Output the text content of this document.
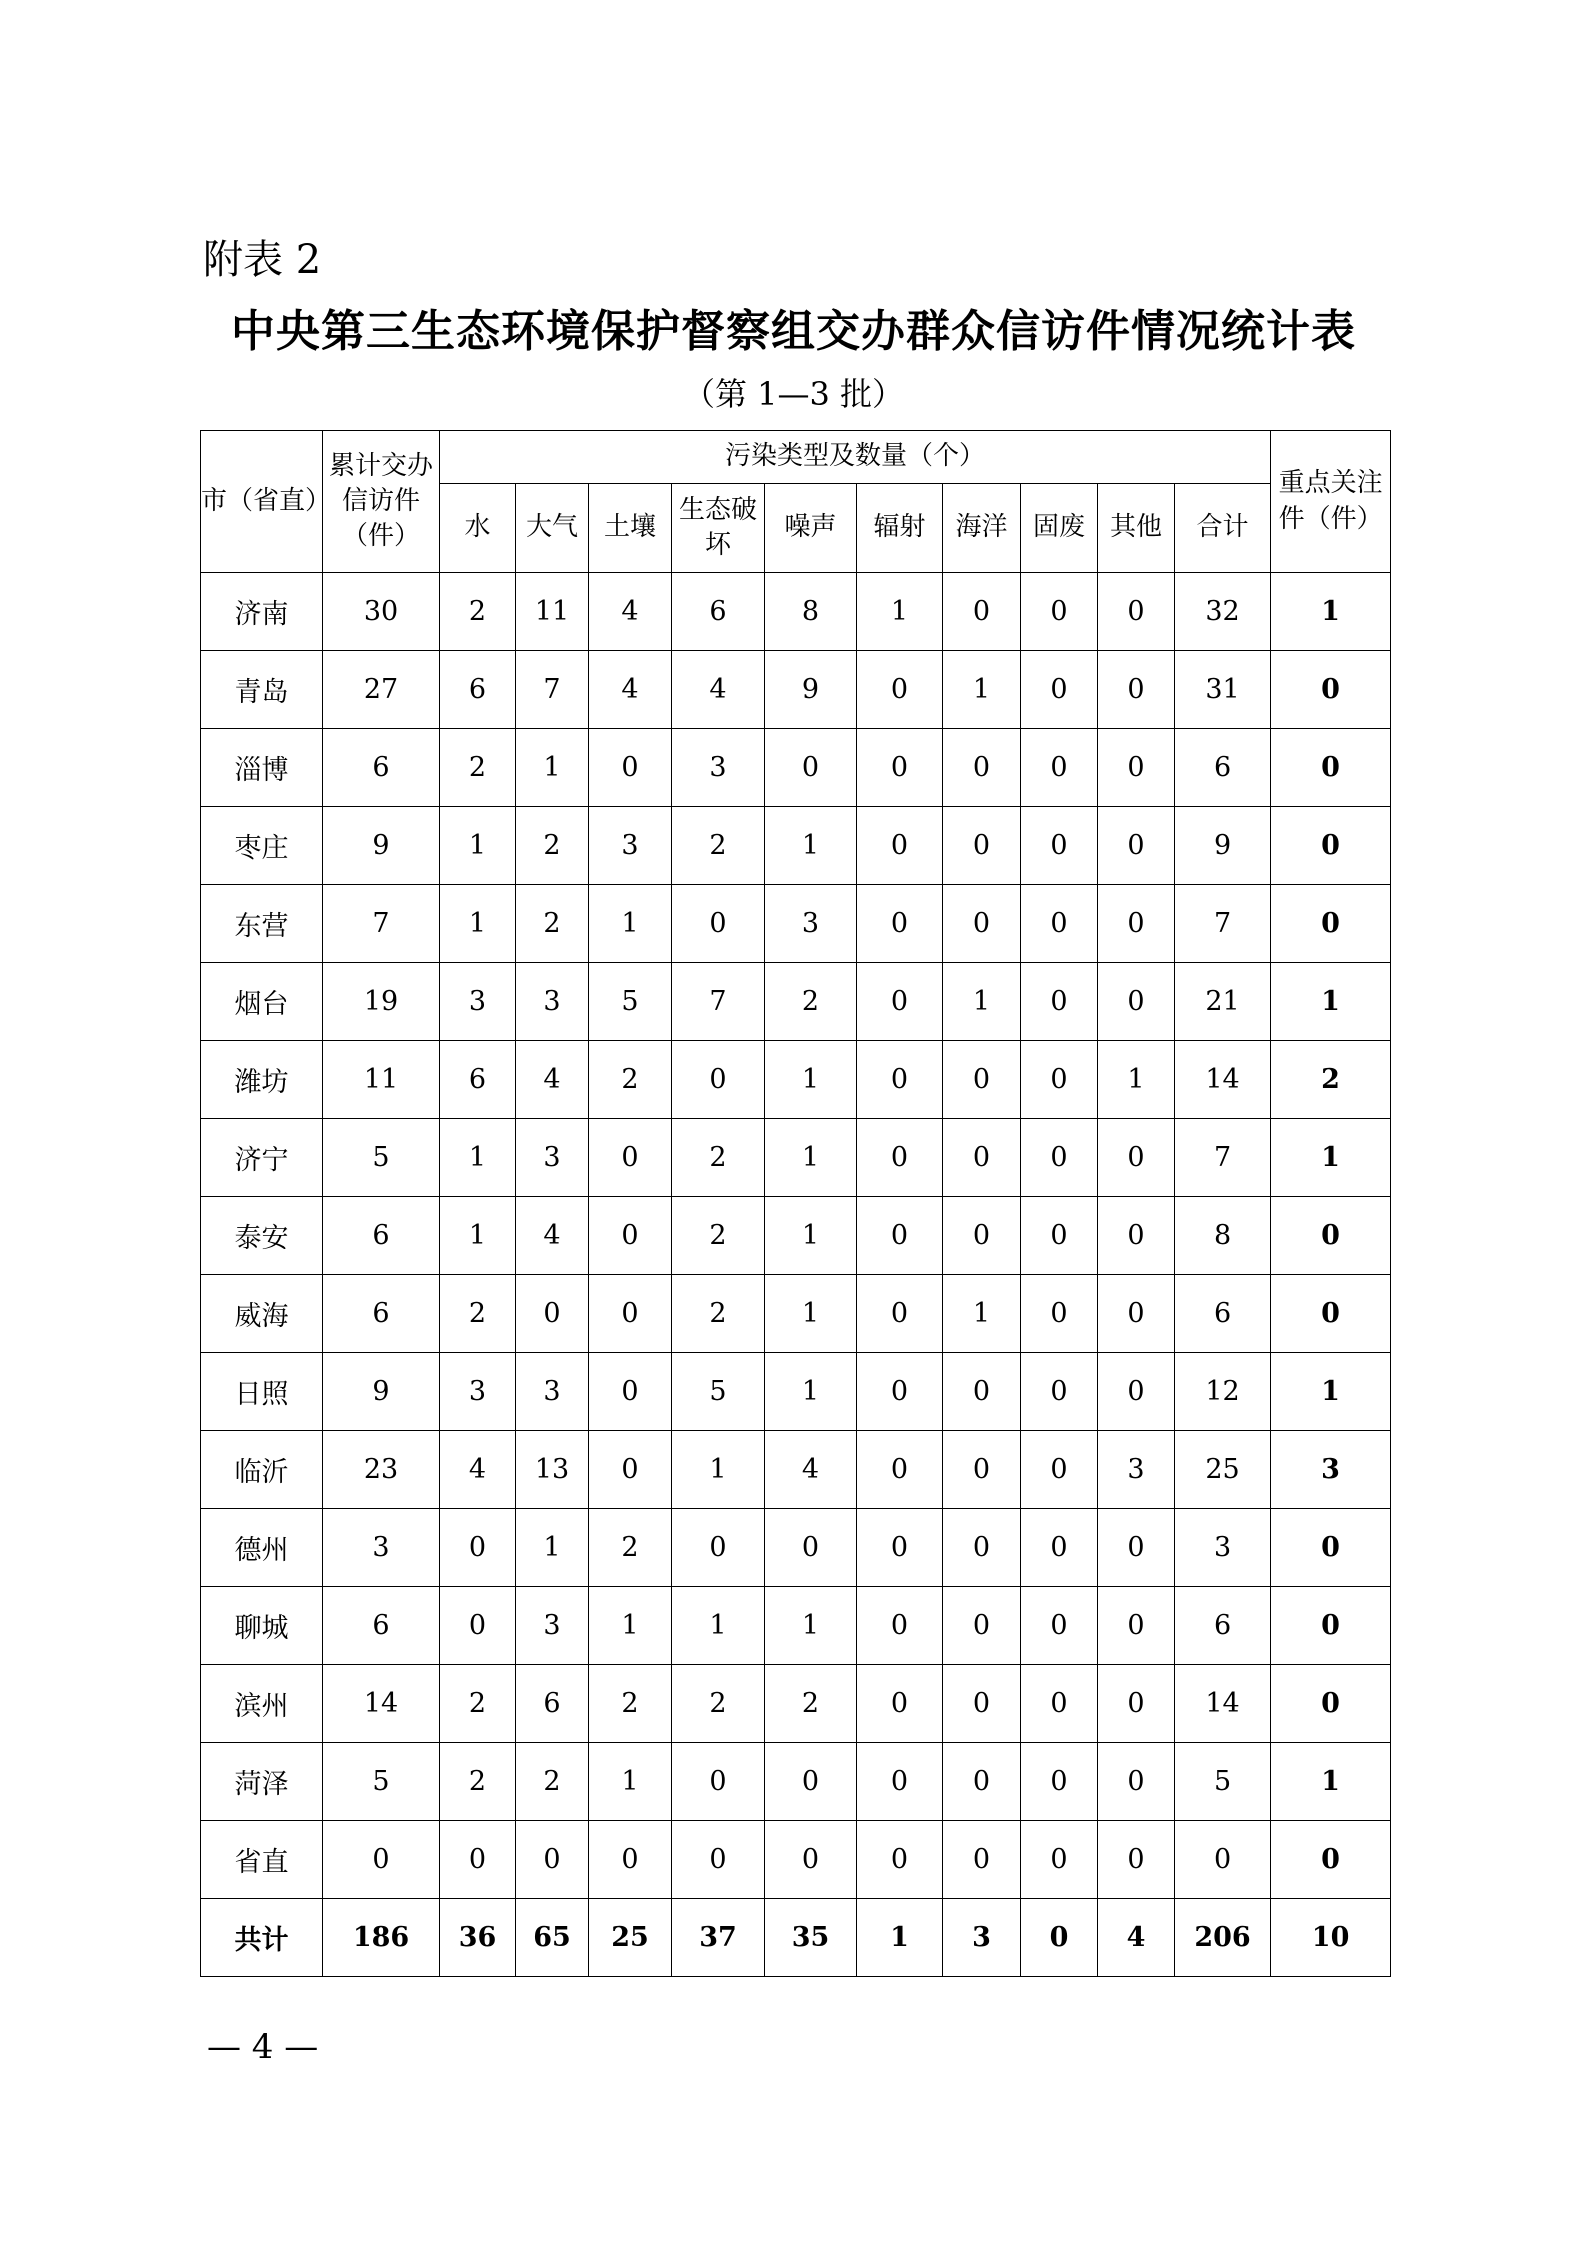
附表 2
中央第三生态环境保护督察组交办群众信访件情况统计表
（第 1—3 批）
市（省直）	累计交办信访件（件）	污染类型及数量（个）										重点关注件（件）
		水	大气	土壤	生态破坏	噪声	辐射	海洋	固废	其他	合计	
济南	30	2	11	4	6	8	1	0	0	0	32	1
青岛	27	6	7	4	4	9	0	1	0	0	31	0
淄博	6	2	1	0	3	0	0	0	0	0	6	0
枣庄	9	1	2	3	2	1	0	0	0	0	9	0
东营	7	1	2	1	0	3	0	0	0	0	7	0
烟台	19	3	3	5	7	2	0	1	0	0	21	1
潍坊	11	6	4	2	0	1	0	0	0	1	14	2
济宁	5	1	3	0	2	1	0	0	0	0	7	1
泰安	6	1	4	0	2	1	0	0	0	0	8	0
威海	6	2	0	0	2	1	0	1	0	0	6	0
日照	9	3	3	0	5	1	0	0	0	0	12	1
临沂	23	4	13	0	1	4	0	0	0	3	25	3
德州	3	0	1	2	0	0	0	0	0	0	3	0
聊城	6	0	3	1	1	1	0	0	0	0	6	0
滨州	14	2	6	2	2	2	0	0	0	0	14	0
菏泽	5	2	2	1	0	0	0	0	0	0	5	1
省直	0	0	0	0	0	0	0	0	0	0	0	0
共计	186	36	65	25	37	35	1	3	0	4	206	10
— 4 —
